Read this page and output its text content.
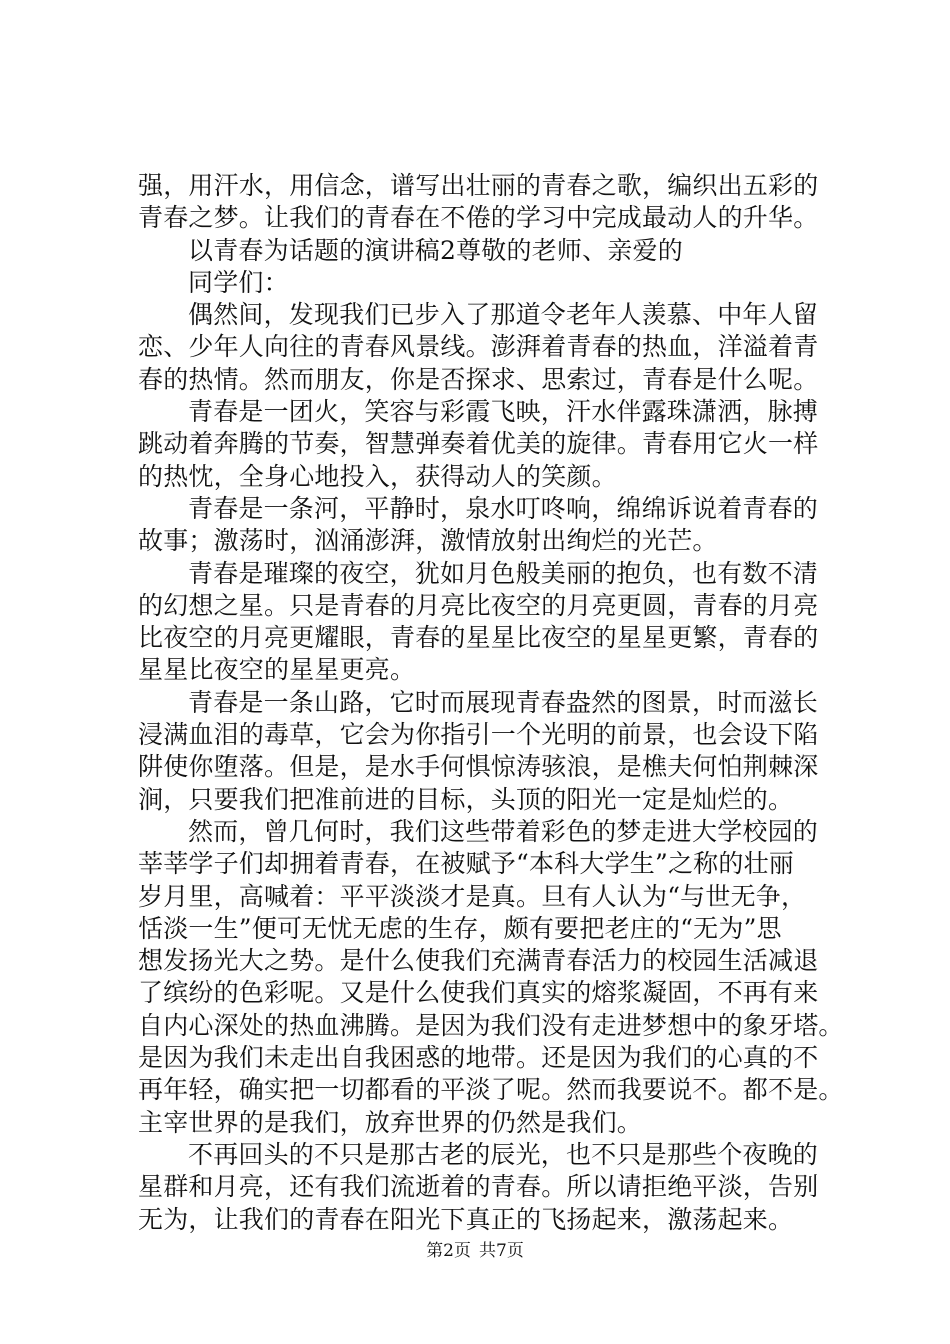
强，用汗水，用信念，谱写出壮丽的青春之歌，编织出五彩的
青春之梦。让我们的青春在不倦的学习中完成最动人的升华。
以青春为话题的演讲稿2尊敬的老师、亲爱的
同学们：
偶然间，发现我们已步入了那道令老年人羡慕、中年人留
恋、少年人向往的青春风景线。澎湃着青春的热血，洋溢着青
春的热情。然而朋友，你是否探求、思索过，青春是什么呢。
青春是一团火，笑容与彩霞飞映，汗水伴露珠潇洒，脉搏
跳动着奔腾的节奏，智慧弹奏着优美的旋律。青春用它火一样
的热忱，全身心地投入，获得动人的笑颜。
青春是一条河，平静时，泉水叮咚响，绵绵诉说着青春的
故事；激荡时，汹涌澎湃，激情放射出绚烂的光芒。
青春是璀璨的夜空，犹如月色般美丽的抱负，也有数不清
的幻想之星。只是青春的月亮比夜空的月亮更圆，青春的月亮
比夜空的月亮更耀眼，青春的星星比夜空的星星更繁，青春的
星星比夜空的星星更亮。
青春是一条山路，它时而展现青春盎然的图景，时而滋长
浸满血泪的毒草，它会为你指引一个光明的前景，也会设下陷
阱使你堕落。但是，是水手何惧惊涛骇浪，是樵夫何怕荆棘深
涧，只要我们把准前进的目标，头顶的阳光一定是灿烂的。
然而，曾几何时，我们这些带着彩色的梦走进大学校园的
莘莘学子们却拥着青春，在被赋予“本科大学生”之称的壮丽
岁月里，高喊着：平平淡淡才是真。旦有人认为“与世无争，
恬淡一生”便可无忧无虑的生存，颇有要把老庄的“无为”思
想发扬光大之势。是什么使我们充满青春活力的校园生活减退
了缤纷的色彩呢。又是什么使我们真实的熔浆凝固，不再有来
自内心深处的热血沸腾。是因为我们没有走进梦想中的象牙塔。
是因为我们未走出自我困惑的地带。还是因为我们的心真的不
再年轻，确实把一切都看的平淡了呢。然而我要说不。都不是。
主宰世界的是我们，放弃世界的仍然是我们。
不再回头的不只是那古老的辰光，也不只是那些个夜晚的
星群和月亮，还有我们流逝着的青春。所以请拒绝平淡，告别
无为，让我们的青春在阳光下真正的飞扬起来，激荡起来。
第2页 共7页
